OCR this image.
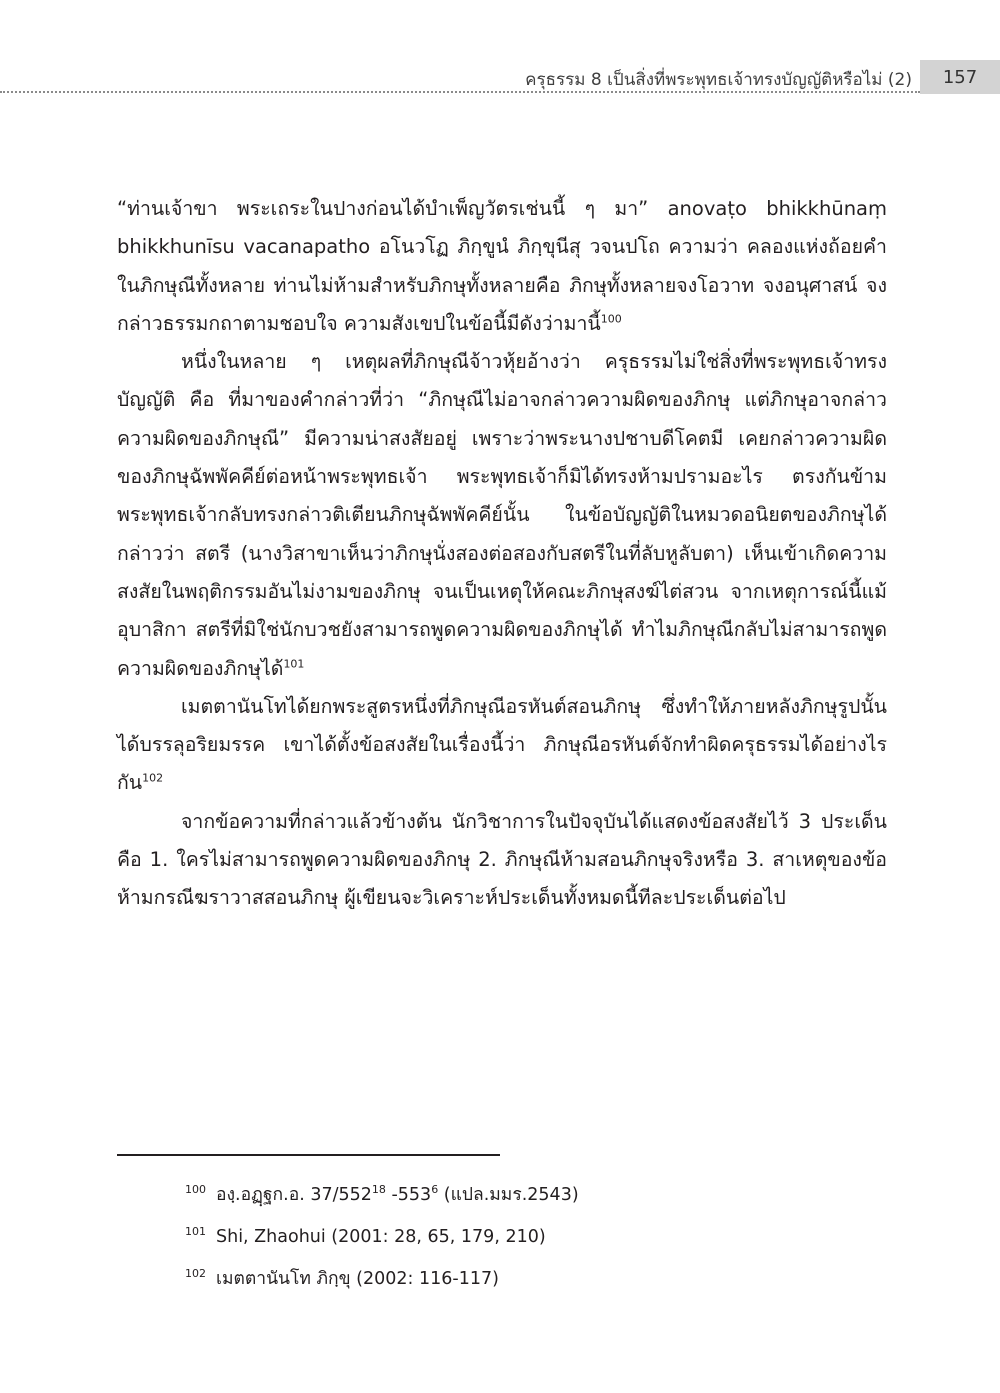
ครุธรรม 8 เป็นสิ่งที่พระพุทธเจ้าทรงบัญญัติหรือไม่ (2)	157

“ท่านเจ้าขา พระเถระในปางก่อนได้บำเพ็ญวัตรเช่นนี้ ๆ มา” anovaṭo bhikkhūnaṃ bhikkhunīsu vacanapatho อโนวโฏ ภิกฺขูนํ ภิกฺขุนีสุ วจนปโถ ความว่า คลองแห่งถ้อยคำในภิกษุณีทั้งหลาย ท่านไม่ห้ามสำหรับภิกษุทั้งหลายคือ ภิกษุทั้งหลายจงโอวาท จงอนุศาสน์ จงกล่าวธรรมกถาตามชอบใจ ความสังเขปในข้อนี้มีดังว่ามานี้$^{100}$

หนึ่งในหลาย ๆ เหตุผลที่ภิกษุณีจ้าวหุ้ยอ้างว่า ครุธรรมไม่ใช่สิ่งที่พระพุทธเจ้าทรงบัญญัติ คือ ที่มาของคำกล่าวที่ว่า “ภิกษุณีไม่อาจกล่าวความผิดของภิกษุ แต่ภิกษุอาจกล่าวความผิดของภิกษุณี” มีความน่าสงสัยอยู่ เพราะว่าพระนางปชาบดีโคตมี เคยกล่าวความผิดของภิกษุฉัพพัคคีย์ต่อหน้าพระพุทธเจ้า พระพุทธเจ้าก็มิได้ทรงห้ามปรามอะไร ตรงกันข้ามพระพุทธเจ้ากลับทรงกล่าวติเตียนภิกษุฉัพพัคคีย์นั้น ในข้อบัญญัติในหมวดอนิยตของภิกษุได้กล่าวว่า สตรี (นางวิสาขาเห็นว่าภิกษุนั่งสองต่อสองกับสตรีในที่ลับหูลับตา) เห็นเข้าเกิดความสงสัยในพฤติกรรมอันไม่งามของภิกษุ จนเป็นเหตุให้คณะภิกษุสงฆ์ไต่สวน จากเหตุการณ์นี้แม้อุบาสิกา สตรีที่มิใช่นักบวชยังสามารถพูดความผิดของภิกษุได้ ทำไมภิกษุณีกลับไม่สามารถพูดความผิดของภิกษุได้$^{101}$

เมตตานันโทได้ยกพระสูตรหนึ่งที่ภิกษุณีอรหันต์สอนภิกษุ ซึ่งทำให้ภายหลังภิกษุรูปนั้นได้บรรลุอริยมรรค เขาได้ตั้งข้อสงสัยในเรื่องนี้ว่า ภิกษุณีอรหันต์จักทำผิดครุธรรมได้อย่างไรกัน$^{102}$

จากข้อความที่กล่าวแล้วข้างต้น นักวิชาการในปัจจุบันได้แสดงข้อสงสัยไว้ 3 ประเด็น คือ 1. ใครไม่สามารถพูดความผิดของภิกษุ 2. ภิกษุณีห้ามสอนภิกษุจริงหรือ 3. สาเหตุของข้อห้ามกรณีฆราวาสสอนภิกษุ ผู้เขียนจะวิเคราะห์ประเด็นทั้งหมดนี้ทีละประเด็นต่อไป

$^{100}$ องฺ.อฏฺฐก.อ. $37/552^{18}$ $-553^6$ (แปล.มมร.2543)
$^{101}$ Shi, Zhaohui (2001: 28, 65, 179, 210)
$^{102}$ เมตตานันโท ภิกฺขุ (2002: 116-117)
